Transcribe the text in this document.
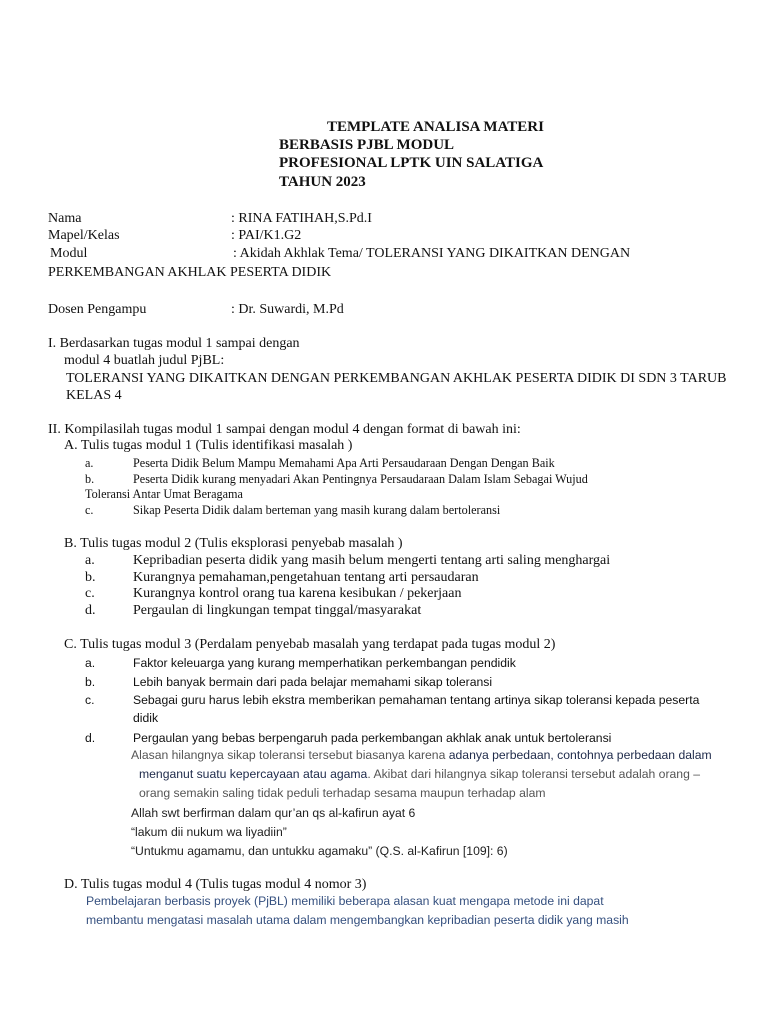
TEMPLATE ANALISA MATERI
BERBASIS PJBL MODUL
PROFESIONAL LPTK UIN SALATIGA
TAHUN 2023
Nama	: RINA FATIHAH,S.Pd.I
Mapel/Kelas	: PAI/K1.G2
Modul	: Akidah Akhlak Tema/ TOLERANSI YANG DIKAITKAN DENGAN
PERKEMBANGAN AKHLAK PESERTA DIDIK
Dosen Pengampu	: Dr. Suwardi, M.Pd
I. Berdasarkan tugas modul 1 sampai dengan
modul 4 buatlah judul PjBL:
TOLERANSI YANG DIKAITKAN DENGAN PERKEMBANGAN AKHLAK PESERTA DIDIK DI SDN 3 TARUB
KELAS 4
II. Kompilasilah tugas modul 1 sampai dengan modul 4 dengan format di bawah ini:
A. Tulis tugas modul 1 (Tulis identifikasi masalah )
a.	Peserta Didik Belum Mampu Memahami Apa Arti Persaudaraan Dengan Dengan Baik
b.	Peserta Didik kurang menyadari Akan Pentingnya Persaudaraan Dalam Islam Sebagai Wujud
Toleransi Antar Umat Beragama
c.	Sikap Peserta Didik dalam berteman yang masih kurang dalam bertoleransi
B. Tulis tugas modul 2 (Tulis eksplorasi penyebab masalah )
a.	Kepribadian peserta didik yang masih belum mengerti tentang arti saling menghargai
b.	Kurangnya pemahaman,pengetahuan tentang arti persaudaran
c.	Kurangnya kontrol orang tua karena kesibukan / pekerjaan
d.	Pergaulan di lingkungan tempat tinggal/masyarakat
C. Tulis tugas modul 3 (Perdalam penyebab masalah yang terdapat pada tugas modul 2)
a.	Faktor keleuarga yang kurang memperhatikan perkembangan pendidik
b.	Lebih banyak bermain dari pada belajar memahami sikap toleransi
c.	Sebagai guru harus lebih ekstra memberikan pemahaman tentang artinya sikap toleransi kepada peserta
didik
d.	Pergaulan yang bebas berpengaruh pada perkembangan akhlak anak untuk bertoleransi
Alasan hilangnya sikap toleransi tersebut biasanya karena adanya perbedaan, contohnya perbedaan dalam
menganut suatu kepercayaan atau agama. Akibat dari hilangnya sikap toleransi tersebut adalah orang –
orang semakin saling tidak peduli terhadap sesama maupun terhadap alam
Allah swt berfirman dalam qur’an qs al-kafirun ayat 6
“lakum dii nukum wa liyadiin”
“Untukmu agamamu, dan untukku agamaku” (Q.S. al-Kafirun [109]: 6)
D. Tulis tugas modul 4 (Tulis tugas modul 4 nomor 3)
Pembelajaran berbasis proyek (PjBL) memiliki beberapa alasan kuat mengapa metode ini dapat
membantu mengatasi masalah utama dalam mengembangkan kepribadian peserta didik yang masih
